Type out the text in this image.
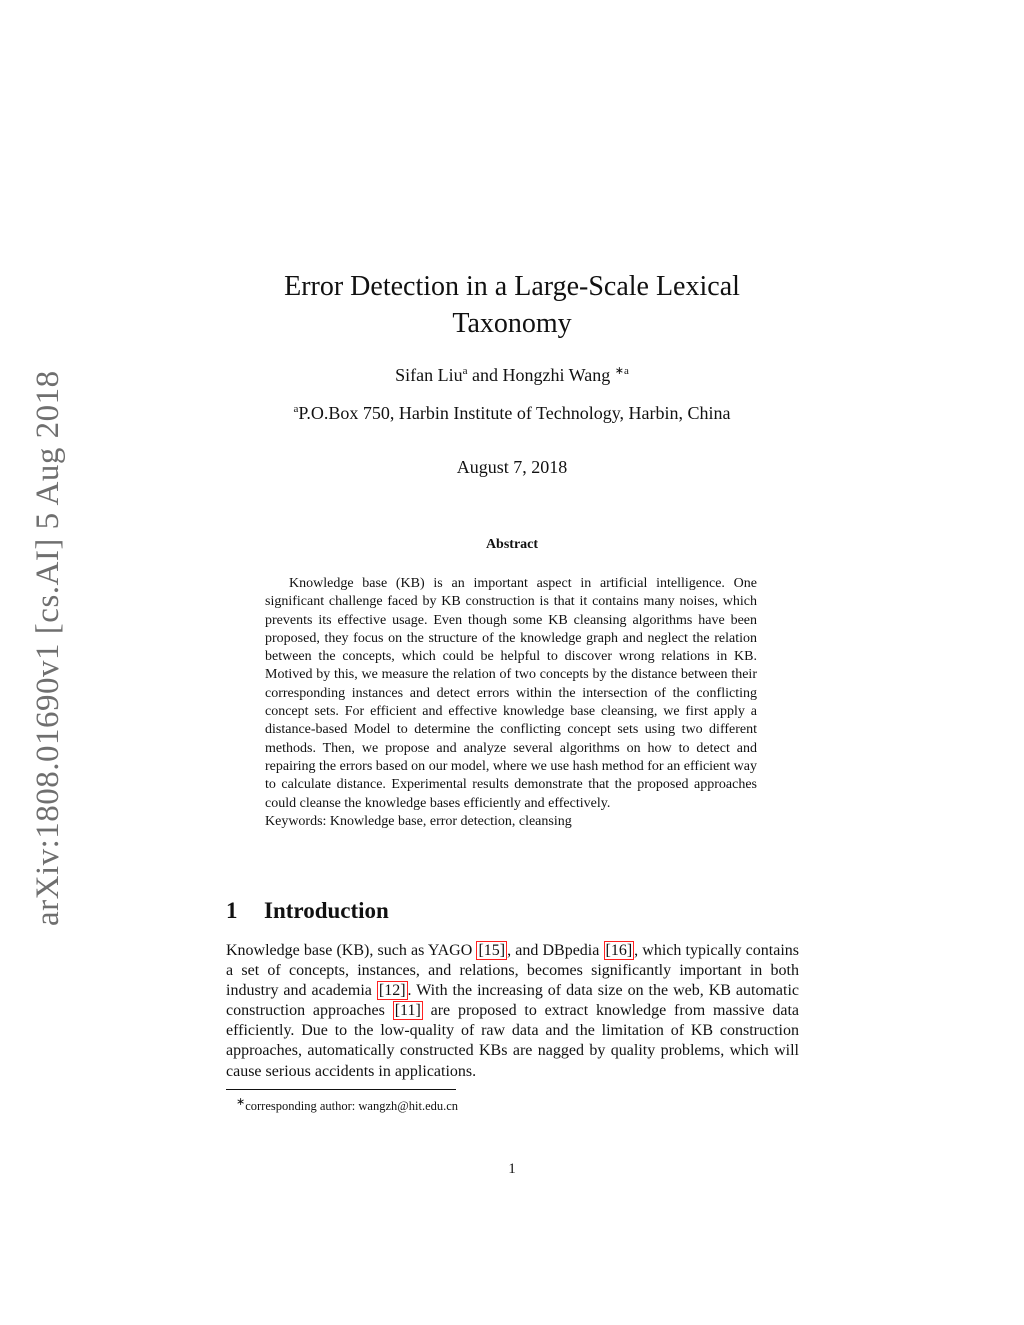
arXiv:1808.01690v1 [cs.AI] 5 Aug 2018
Error Detection in a Large-Scale Lexical
Taxonomy
Sifan Liu$^a$ and Hongzhi Wang $^{∗a}$
$^a$P.O.Box 750, Harbin Institute of Technology, Harbin, China
August 7, 2018
Abstract

Knowledge base (KB) is an important aspect in artificial intelligence. One significant challenge faced by KB construction is that it contains many noises, which prevents its effective usage. Even though some KB cleansing algorithms have been proposed, they focus on the structure of the knowledge graph and neglect the relation between the concepts, which could be helpful to discover wrong relations in KB. Motived by this, we measure the relation of two concepts by the distance between their corresponding instances and detect errors within the intersection of the conflicting concept sets. For efficient and effective knowledge base cleansing, we first apply a distance-based Model to determine the conflicting concept sets using two different methods. Then, we propose and analyze several algorithms on how to detect and repairing the errors based on our model, where we use hash method for an efficient way to calculate distance. Experimental results demonstrate that the proposed approaches could cleanse the knowledge bases efficiently and effectively.

Keywords: Knowledge base, error detection, cleansing

1 Introduction

Knowledge base (KB), such as YAGO [15] , and DBpedia [16] , which typically contains a set of concepts, instances, and relations, becomes significantly important in both industry and academia [12] . With the increasing of data size on the web, KB automatic construction approaches [11] are proposed to extract knowledge from massive data efficiently. Due to the low-quality of raw data and the limitation of KB construction approaches, automatically constructed KBs are nagged by quality problems, which will cause serious accidents in applications.

∗corresponding author: wangzh@hit.edu.cn
1
